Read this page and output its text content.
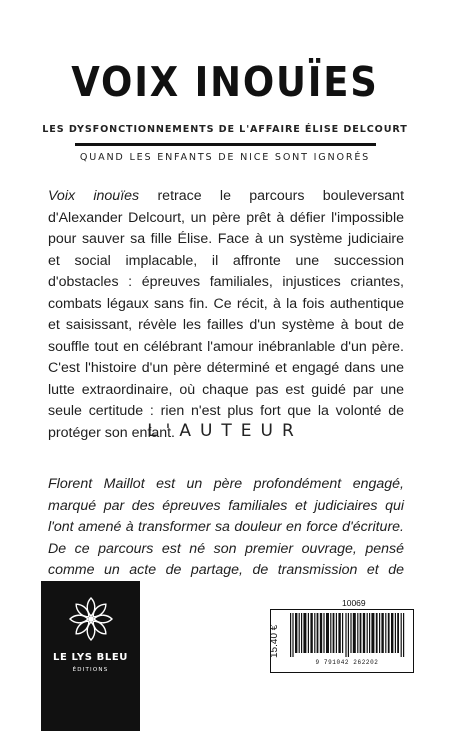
VOIX INOUÏES
LES DYSFONCTIONNEMENTS DE L'AFFAIRE ÉLISE DELCOURT
QUAND LES ENFANTS DE NICE SONT IGNORÉS
Voix inouïes retrace le parcours bouleversant d'Alexander Delcourt, un père prêt à défier l'impossible pour sauver sa fille Élise. Face à un système judiciaire et social implacable, il affronte une succession d'obstacles : épreuves familiales, injustices criantes, combats légaux sans fin. Ce récit, à la fois authentique et saisissant, révèle les failles d'un système à bout de souffle tout en célébrant l'amour inébranlable d'un père. C'est l'histoire d'un père déterminé et engagé dans une lutte extraordinaire, où chaque pas est guidé par une seule certitude : rien n'est plus fort que la volonté de protéger son enfant.
L'AUTEUR
Florent Maillot est un père profondément engagé, marqué par des épreuves familiales et judiciaires qui l'ont amené à transformer sa douleur en force d'écriture. De ce parcours est né son premier ouvrage, pensé comme un acte de partage, de transmission et de
LE LYS BLEU
ÉDITIONS
10069
15.40 €
9 791042 262202
